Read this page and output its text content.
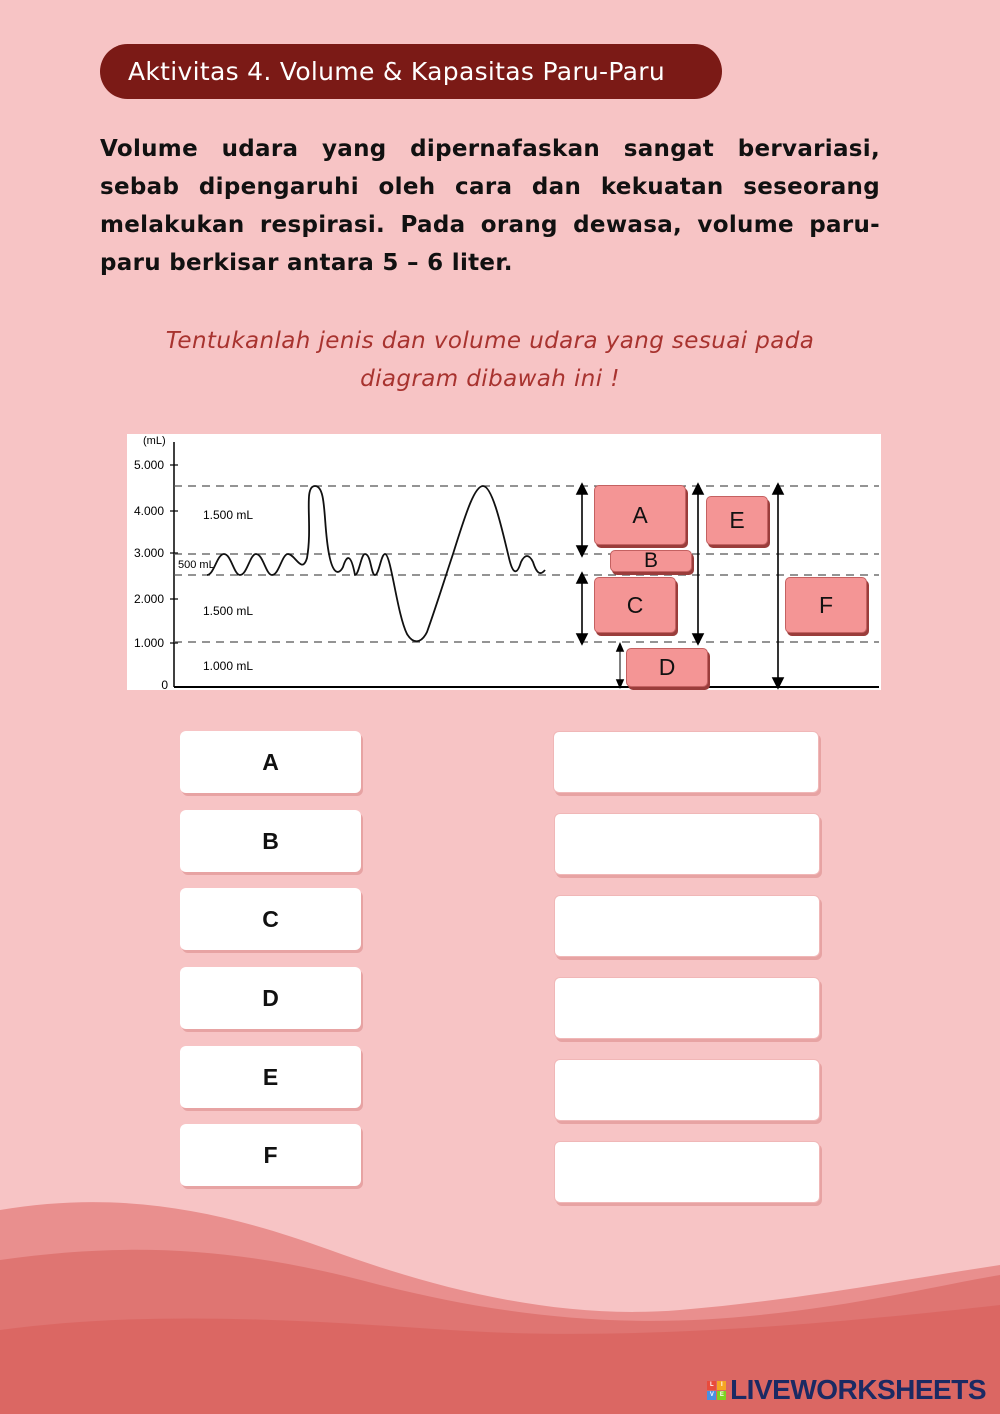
Aktivitas 4. Volume & Kapasitas Paru-Paru
Volume udara yang dipernafaskan sangat bervariasi, sebab dipengaruhi oleh cara dan kekuatan seseorang melakukan respirasi. Pada orang dewasa, volume paru-paru berkisar antara 5 – 6 liter.
Tentukanlah jenis dan volume udara yang sesuai pada diagram dibawah ini !
(mL)
5.000
4.000
3.000
2.000
1.000
0
1.500 mL
500 mL
1.500 mL
1.000 mL
A
B
C
D
E
F
A
B
C
D
E
F
L	I
V	E LIVEWORKSHEETS
